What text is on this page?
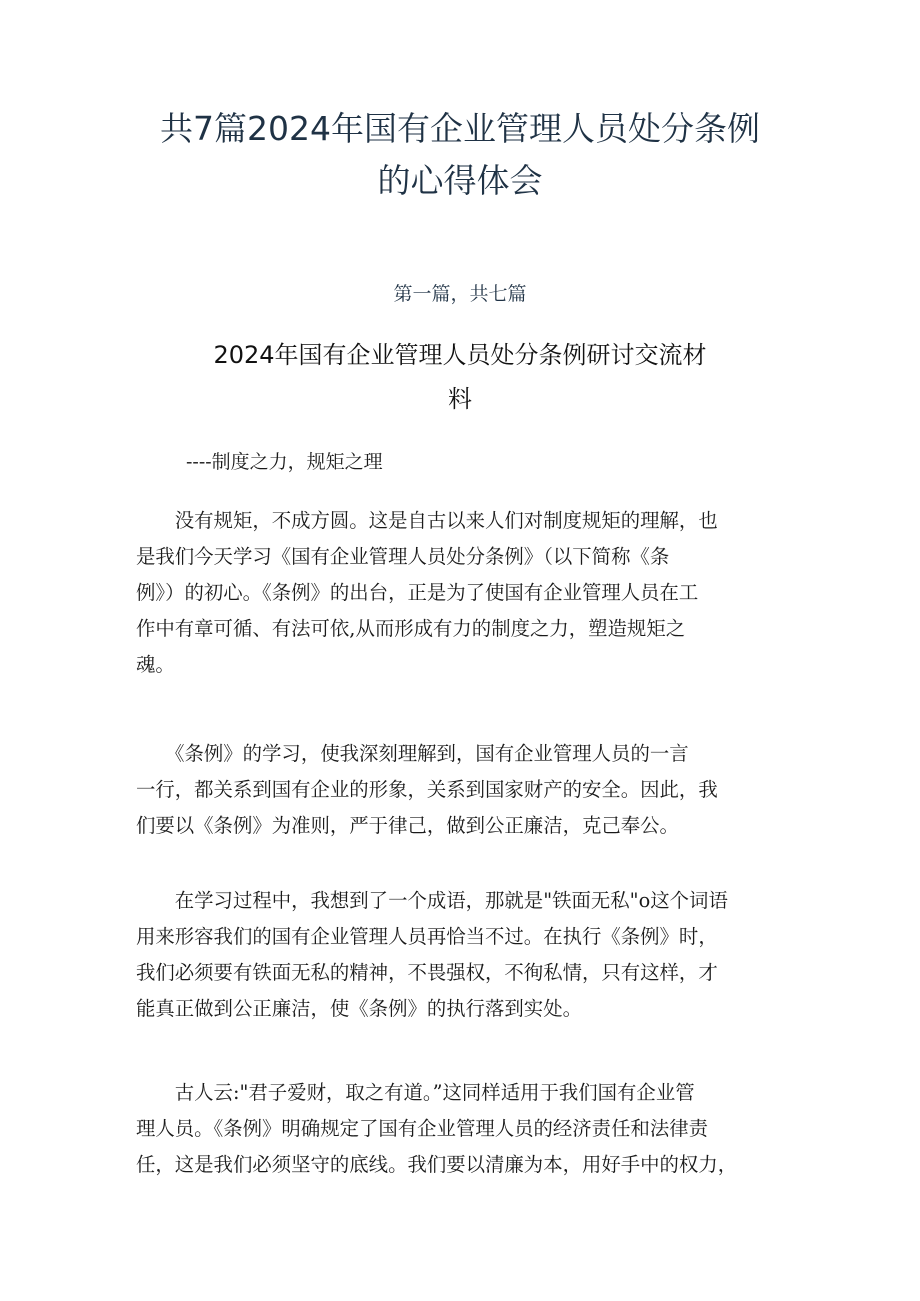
共7篇2024年国有企业管理人员处分条例
的心得体会
第一篇，共七篇
2024年国有企业管理人员处分条例研讨交流材
料
----制度之力，规矩之理
　　没有规矩，不成方圆。这是自古以来人们对制度规矩的理解，也
是我们今天学习《国有企业管理人员处分条例》（以下简称《条
例》）的初心。《条例》的出台，正是为了使国有企业管理人员在工
作中有章可循、有法可依,从而形成有力的制度之力，塑造规矩之
魂。
　　《条例》的学习，使我深刻理解到，国有企业管理人员的一言
一行，都关系到国有企业的形象，关系到国家财产的安全。因此，我
们要以《条例》为准则，严于律己，做到公正廉洁，克己奉公。
　　在学习过程中，我想到了一个成语，那就是"铁面无私"o这个词语
用来形容我们的国有企业管理人员再恰当不过。在执行《条例》时，
我们必须要有铁面无私的精神，不畏强权，不徇私情，只有这样，才
能真正做到公正廉洁，使《条例》的执行落到实处。
　　古人云:"君子爱财，取之有道。”这同样适用于我们国有企业管
理人员。《条例》明确规定了国有企业管理人员的经济责任和法律责
任，这是我们必须坚守的底线。我们要以清廉为本，用好手中的权力，
